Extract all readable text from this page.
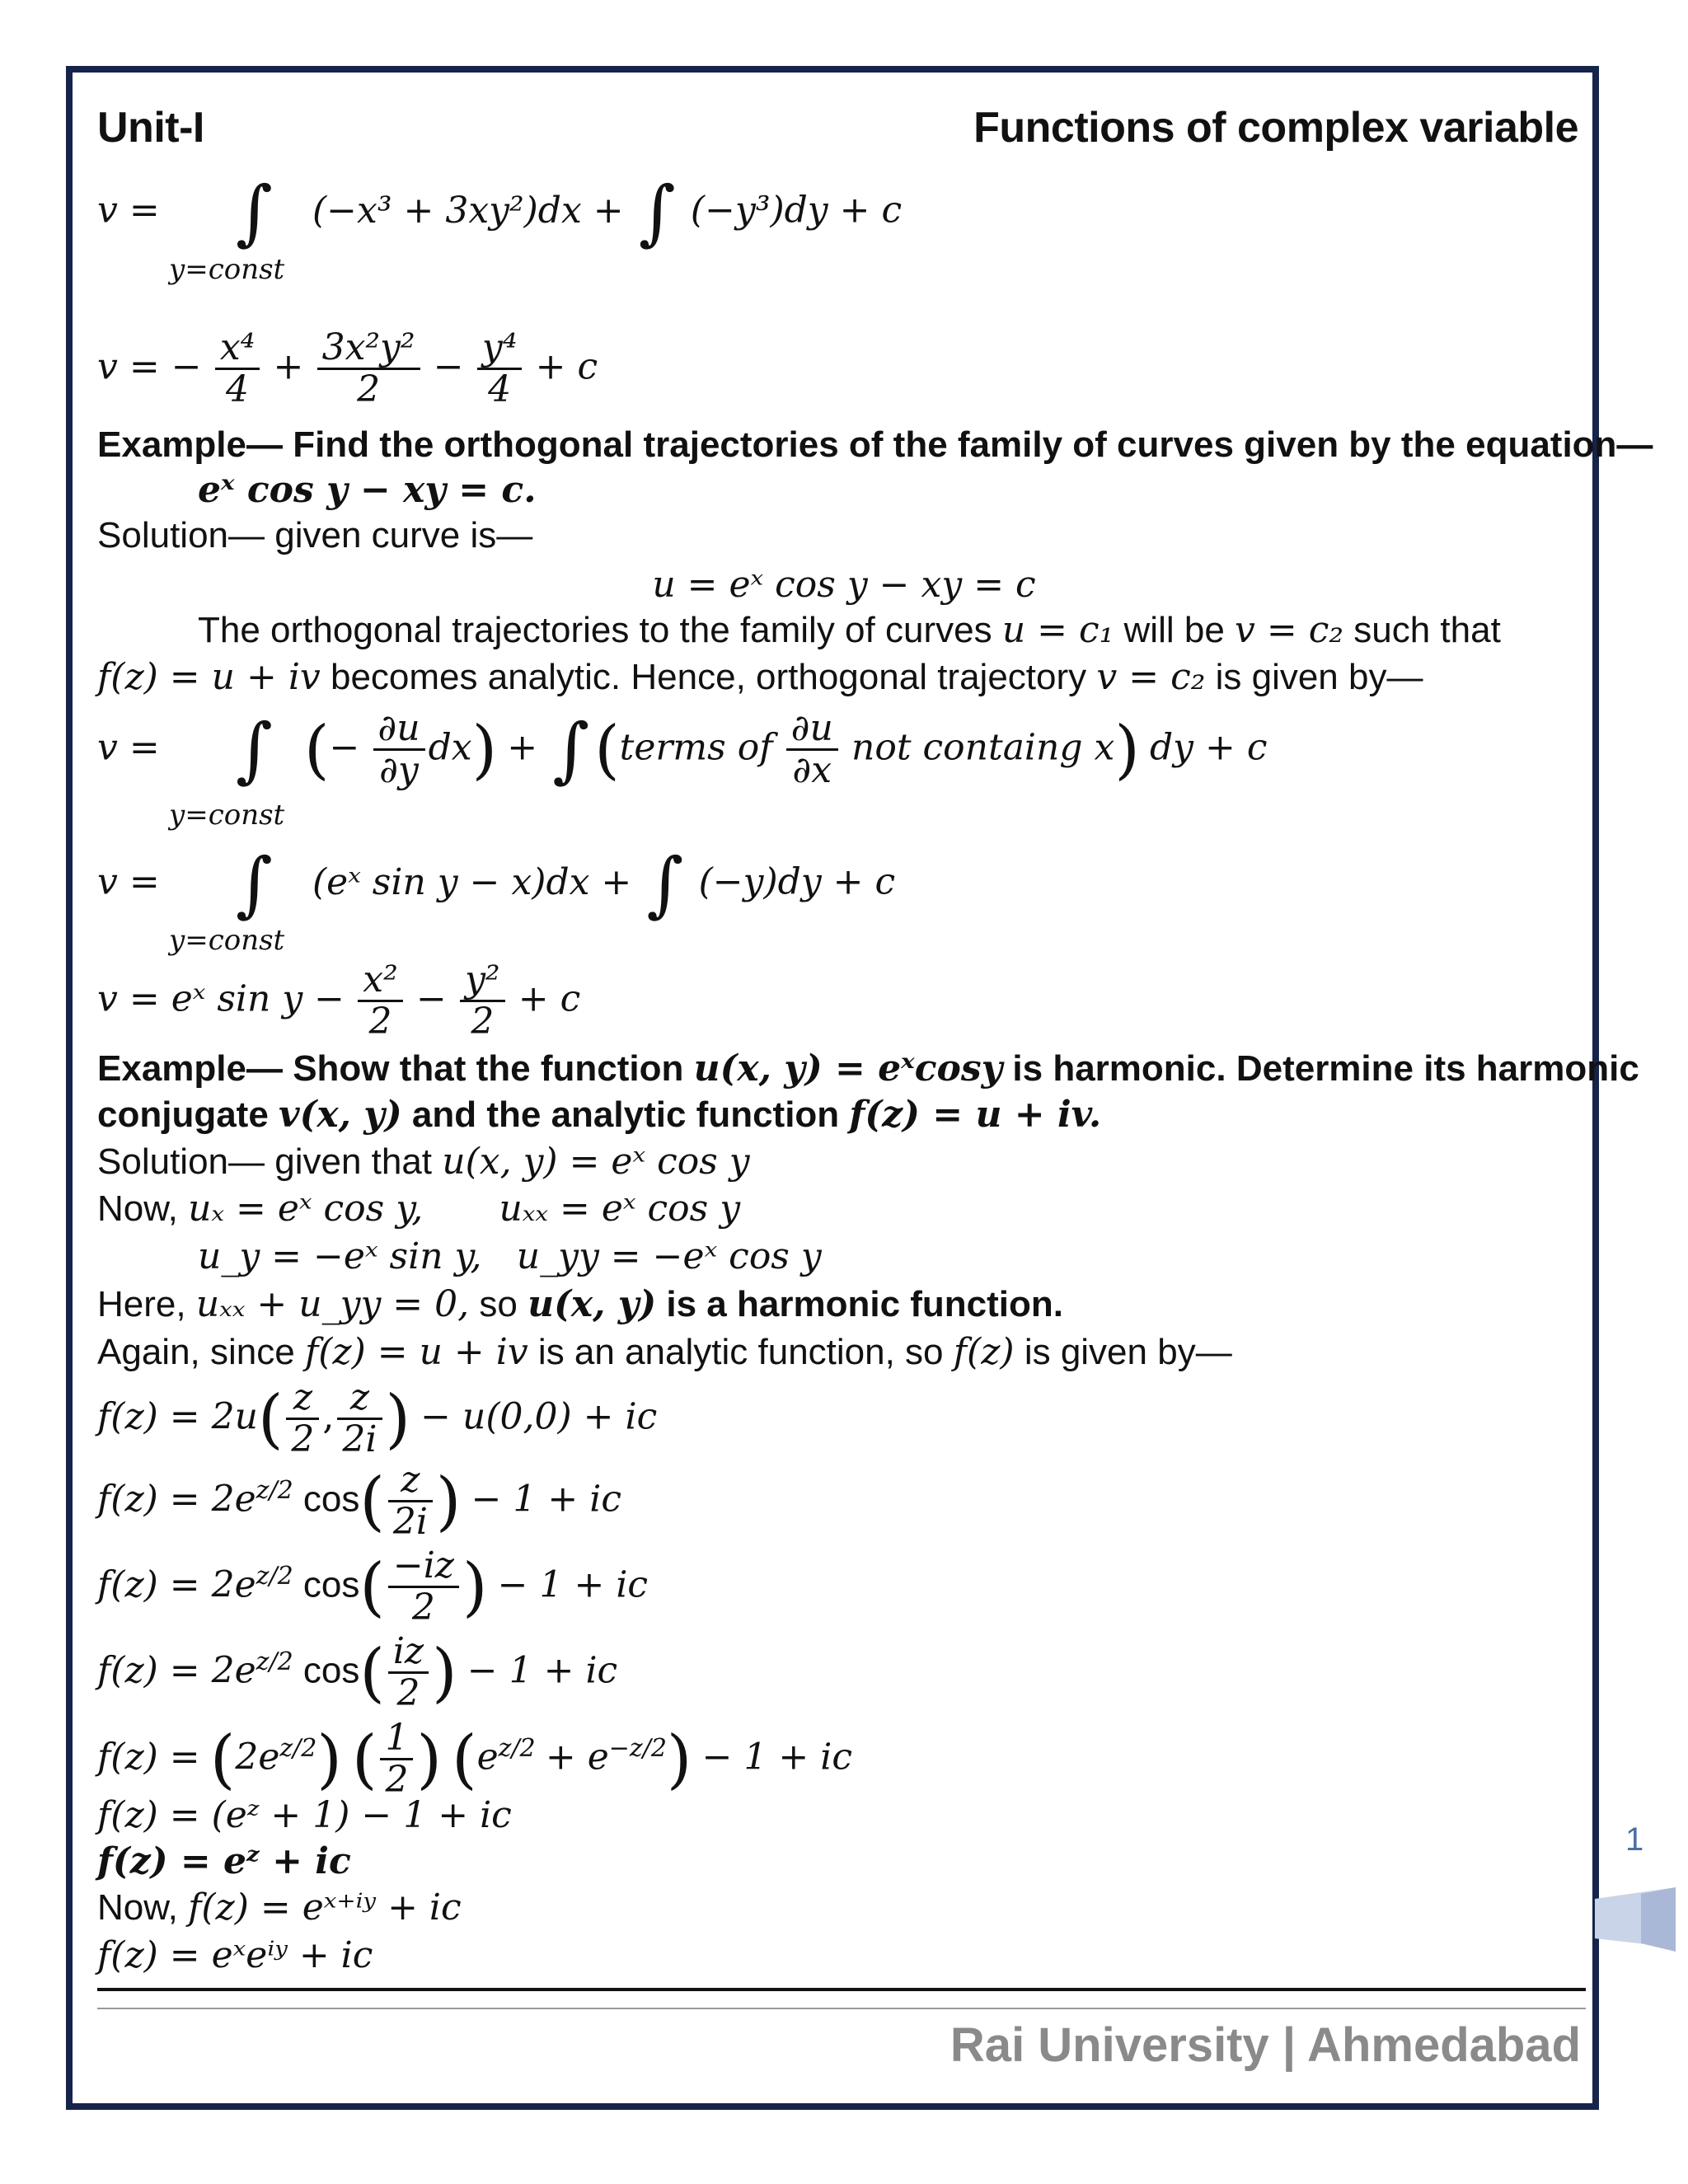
Unit-I	Functions of complex variable
v = ∫ (−x³ + 3xy²)dx + ∫ (−y³)dy + c
y=const
v = − $\frac{\text{x⁴}}{4} + \frac{\text{3x²y²}}{2} - \frac{\text{y⁴}}{4} + c$
Example— Find the orthogonal trajectories of the family of curves given by the equation—
eˣ cos y − xy = c.
Solution— given curve is—
u = eˣ cos y − xy = c
The orthogonal trajectories to the family of curves u = c₁ will be v = c₂ such that
f(z) = u + iv becomes analytic. Hence, orthogonal trajectory v = c₂ is given by—
v = ∫ (− $\frac{\partial u}{\partial y} dx$) + ∫(terms of $\frac{\partial u}{\partial x}$ not containg x) dy + c
y=const
v = ∫ (eˣ sin y − x)dx + ∫ (−y)dy + c
y=const
v = eˣ $\sin y - \frac{\text{x²}}{2} - \frac{\text{y²}}{2} + c$
Example— Show that the function u(x, y) = eˣcosy is harmonic. Determine its harmonic
conjugate v(x, y) and the analytic function f(z) = u + iv.
Solution— given that u(x, y) = eˣ cos y
Now, uₓ = eˣ cos y, uₓₓ = eˣ cos y
u_y = −eˣ sin y, u_yy = −eˣ cos y
Here, uₓₓ + u_yy = 0, so u(x, y) is a harmonic function.
Again, since f(z) = u + iv is an analytic function, so f(z) is given by—
$f(z) = 2u( \frac{z}{2}$ , $\frac{z}{2i}$ ) − u(0,0) + ic
$f(z) = 2e^{z/2}$ $\cos( \frac{z}{2i}$ ) − 1 + ic
$f(z) = 2e^{z/2}$ $\cos( \frac{-iz}{2}$ ) − 1 + ic
$f(z) = 2e^{z/2}$ $\cos( \frac{iz}{2}$ ) − 1 + ic
$f(z) = (2e^{z/2})$ ( $\frac{1}{2}$ ) $(e^{z/2} + e^{-z/2}) - 1$ + ic
f(z) = (eᶻ + 1) − 1 + ic
f(z) = eᶻ + ic
Now, f(z) = eˣ⁺ⁱʸ + ic
f(z) = eˣeⁱʸ + ic
Rai University | Ahmedabad
1
